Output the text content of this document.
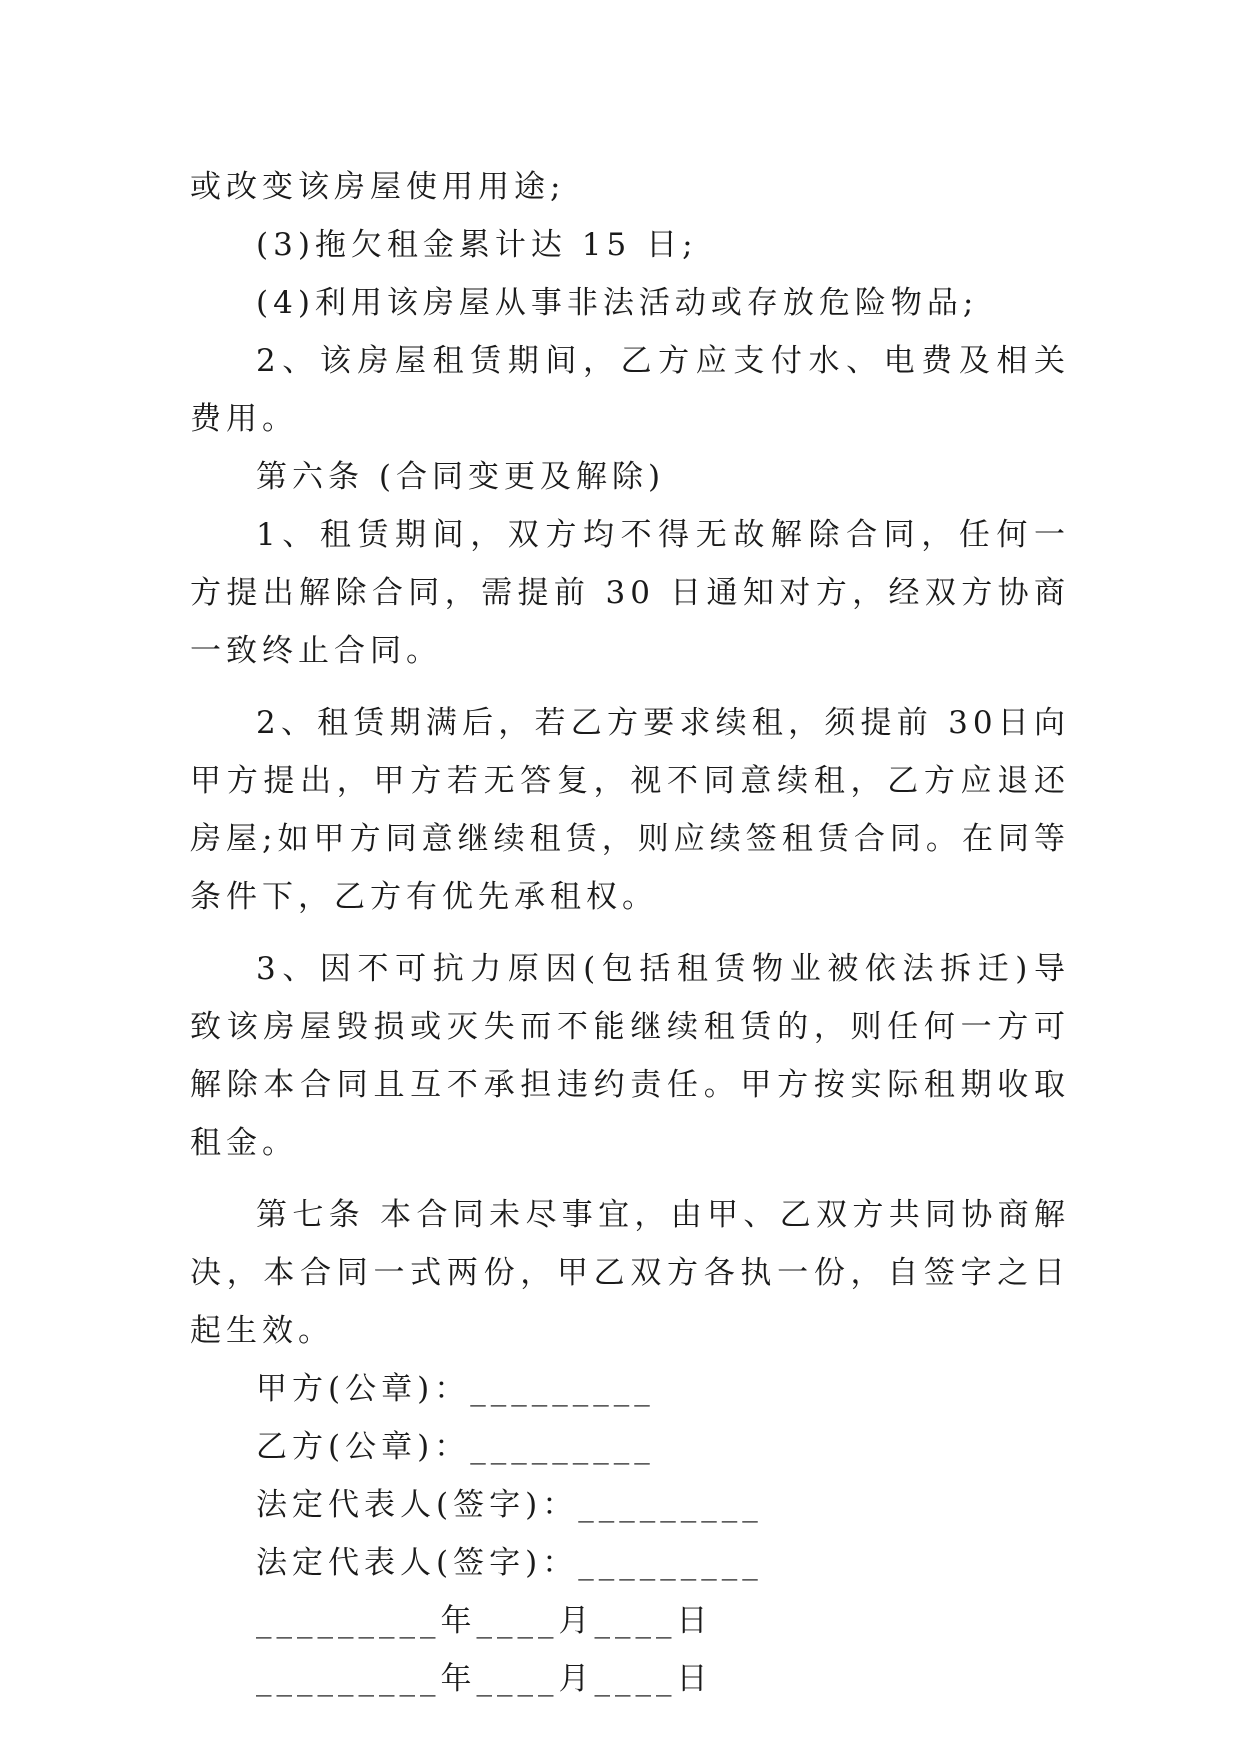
或改变该房屋使用用途;

(3)拖欠租金累计达 15 日;

(4)利用该房屋从事非法活动或存放危险物品;

2、该房屋租赁期间，乙方应支付水、电费及相关费用。

第六条 (合同变更及解除)

1、租赁期间，双方均不得无故解除合同，任何一方提出解除合同，需提前 30 日通知对方，经双方协商一致终止合同。

2、租赁期满后，若乙方要求续租，须提前 30日向甲方提出，甲方若无答复，视不同意续租，乙方应退还房屋;如甲方同意继续租赁，则应续签租赁合同。在同等条件下，乙方有优先承租权。

3、因不可抗力原因(包括租赁物业被依法拆迁)导致该房屋毁损或灭失而不能继续租赁的，则任何一方可解除本合同且互不承担违约责任。甲方按实际租期收取租金。

第七条 本合同未尽事宜，由甲、乙双方共同协商解决，本合同一式两份，甲乙双方各执一份，自签字之日起生效。

甲方(公章)：_________

乙方(公章)：_________

法定代表人(签字)：_________

法定代表人(签字)：_________

_________年____月____日

_________年____月____日
